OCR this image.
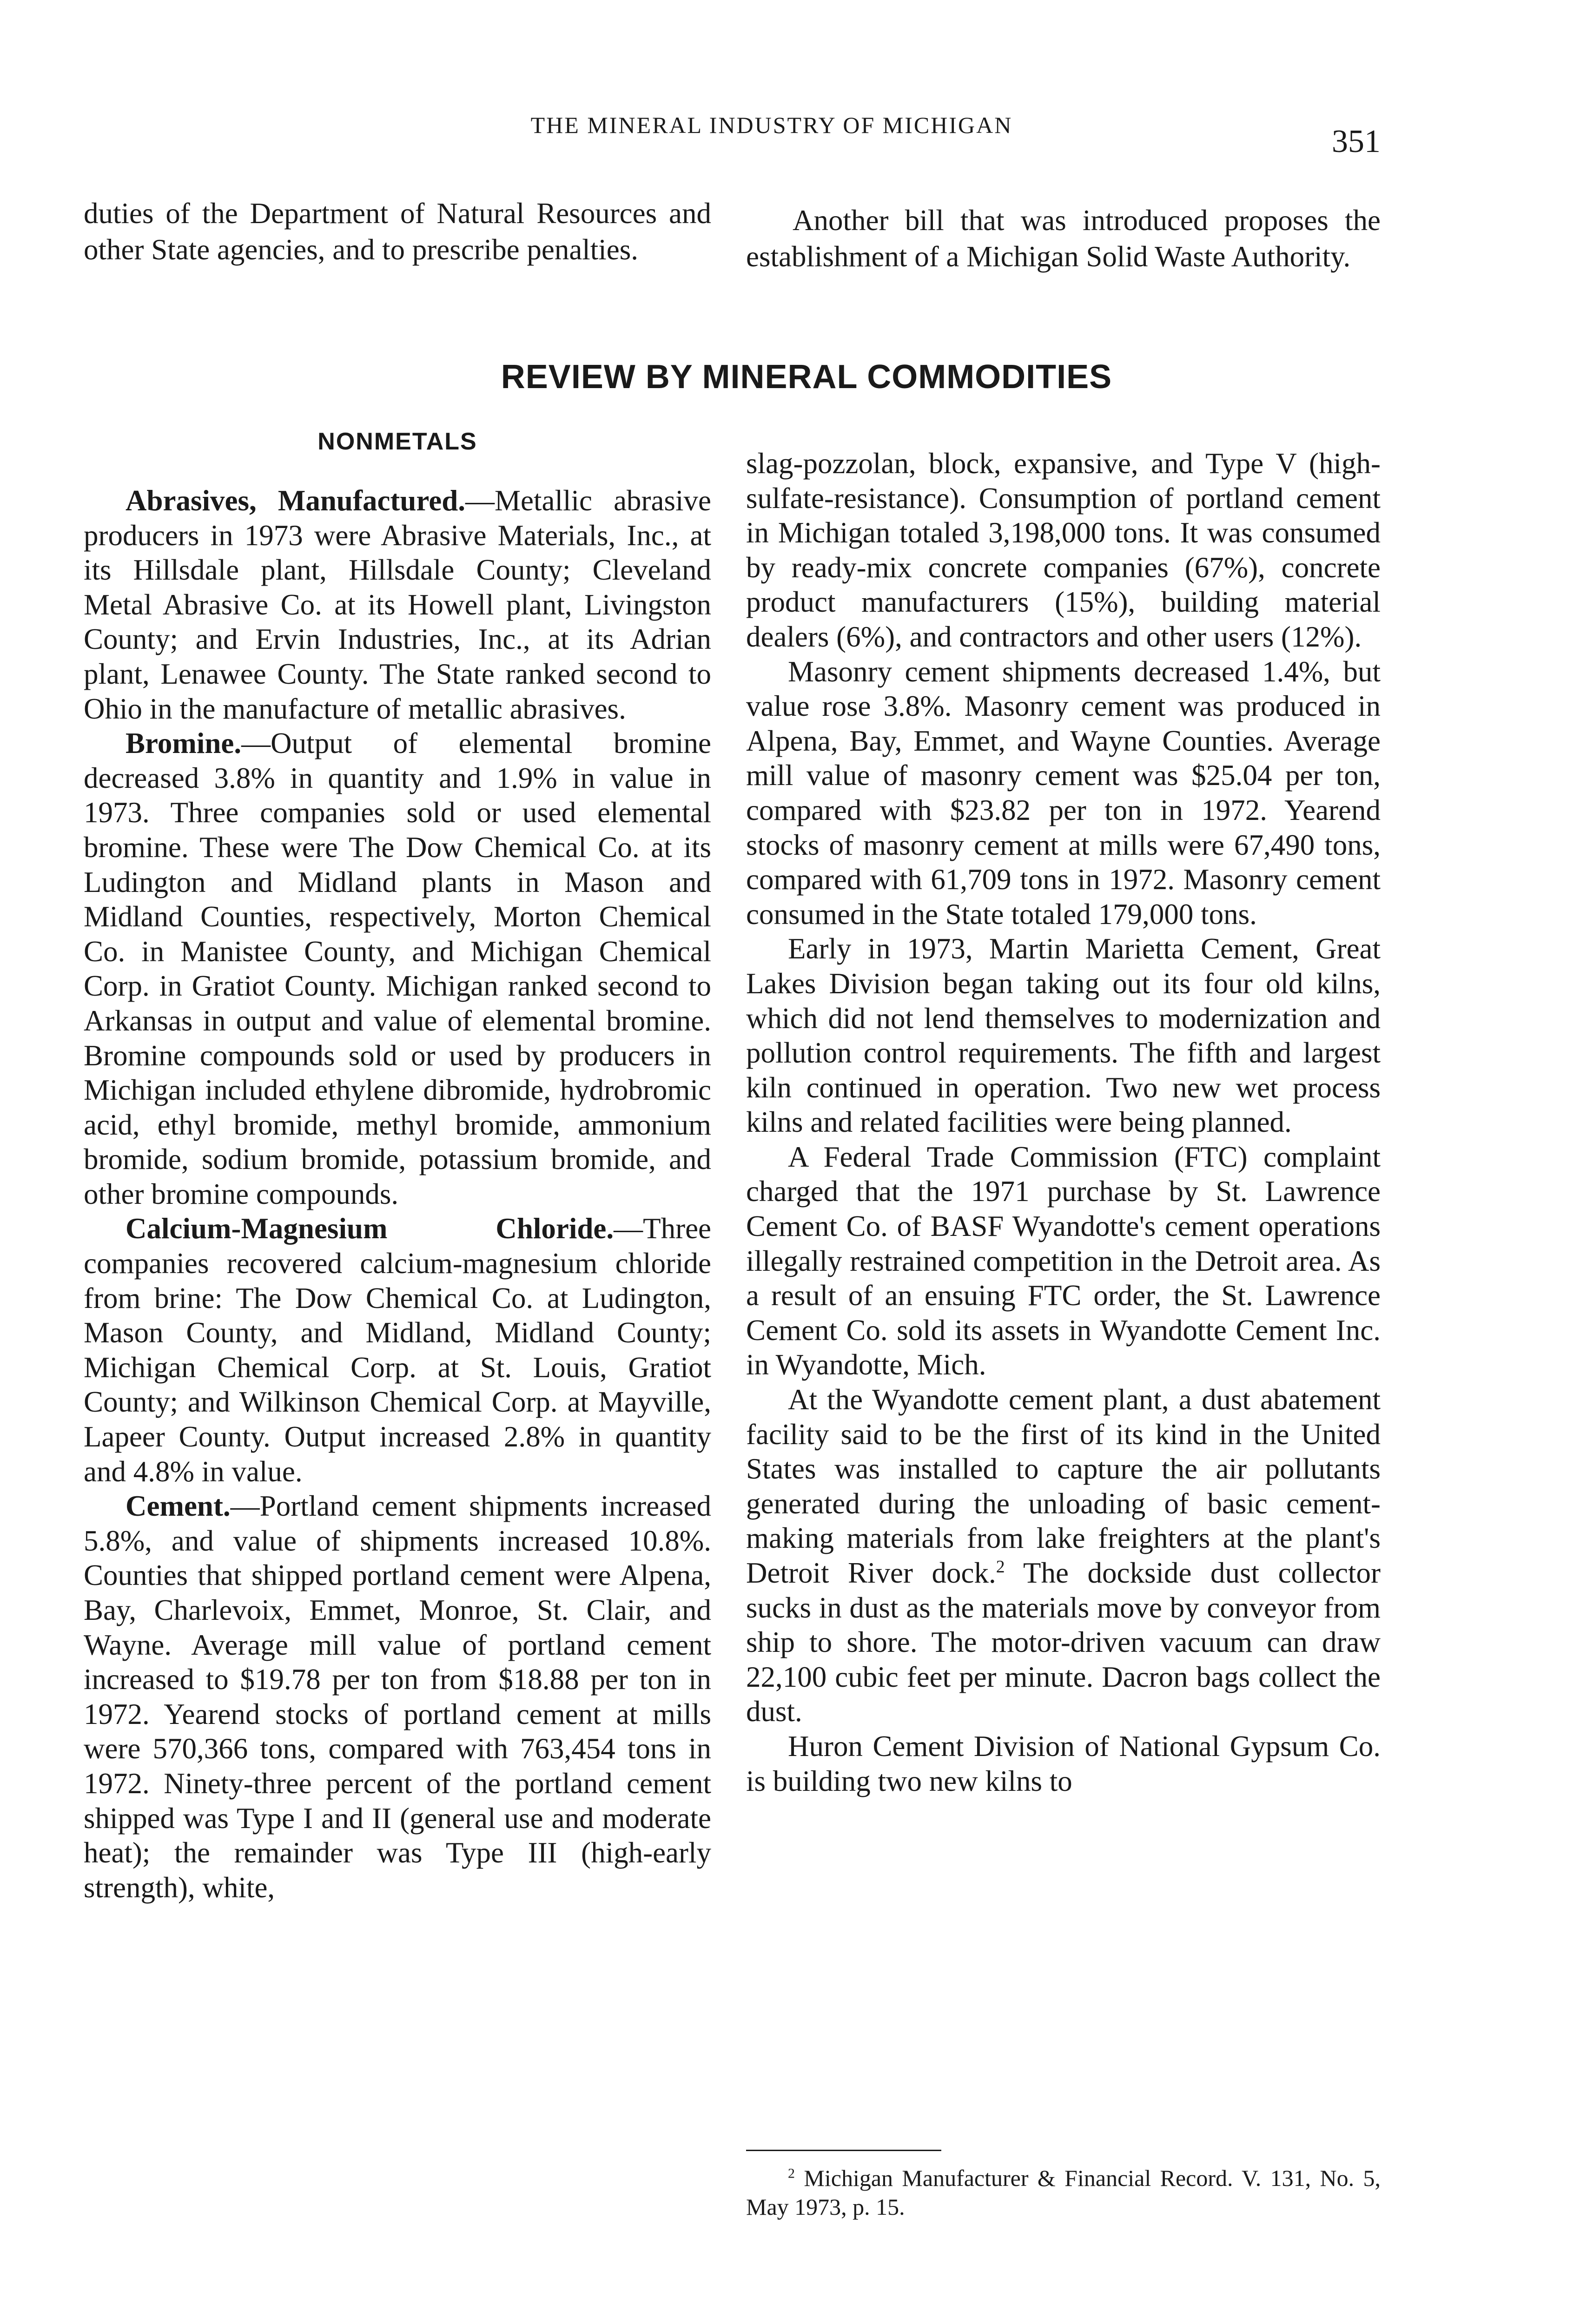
THE MINERAL INDUSTRY OF MICHIGAN	351

duties of the Department of Natural Resources and other State agencies, and to prescribe penalties.

Another bill that was introduced proposes the establishment of a Michigan Solid Waste Authority.

REVIEW BY MINERAL COMMODITIES
NONMETALS

Abrasives, Manufactured.—Metallic abrasive producers in 1973 were Abrasive Materials, Inc., at its Hillsdale plant, Hillsdale County; Cleveland Metal Abrasive Co. at its Howell plant, Livingston County; and Ervin Industries, Inc., at its Adrian plant, Lenawee County. The State ranked second to Ohio in the manufacture of metallic abrasives.

Bromine.—Output of elemental bromine decreased 3.8% in quantity and 1.9% in value in 1973. Three companies sold or used elemental bromine. These were The Dow Chemical Co. at its Ludington and Midland plants in Mason and Midland Counties, respectively, Morton Chemical Co. in Manistee County, and Michigan Chemical Corp. in Gratiot County. Michigan ranked second to Arkansas in output and value of elemental bromine. Bromine compounds sold or used by producers in Michigan included ethylene dibromide, hydrobromic acid, ethyl bromide, methyl bromide, ammonium bromide, sodium bromide, potassium bromide, and other bromine compounds.

Calcium-Magnesium Chloride.—Three companies recovered calcium-magnesium chloride from brine: The Dow Chemical Co. at Ludington, Mason County, and Midland, Midland County; Michigan Chemical Corp. at St. Louis, Gratiot County; and Wilkinson Chemical Corp. at Mayville, Lapeer County. Output increased 2.8% in quantity and 4.8% in value.

Cement.—Portland cement shipments increased 5.8%, and value of shipments increased 10.8%. Counties that shipped portland cement were Alpena, Bay, Charlevoix, Emmet, Monroe, St. Clair, and Wayne. Average mill value of portland cement increased to $19.78 per ton from $18.88 per ton in 1972. Yearend stocks of portland cement at mills were 570,366 tons, compared with 763,454 tons in 1972. Ninety-three percent of the portland cement shipped was Type I and II (general use and moderate heat); the remainder was Type III (high-early strength), white,

slag-pozzolan, block, expansive, and Type V (high-sulfate-resistance). Consumption of portland cement in Michigan totaled 3,198,000 tons. It was consumed by ready-mix concrete companies (67%), concrete product manufacturers (15%), building material dealers (6%), and contractors and other users (12%).

Masonry cement shipments decreased 1.4%, but value rose 3.8%. Masonry cement was produced in Alpena, Bay, Emmet, and Wayne Counties. Average mill value of masonry cement was $25.04 per ton, compared with $23.82 per ton in 1972. Yearend stocks of masonry cement at mills were 67,490 tons, compared with 61,709 tons in 1972. Masonry cement consumed in the State totaled 179,000 tons.

Early in 1973, Martin Marietta Cement, Great Lakes Division began taking out its four old kilns, which did not lend themselves to modernization and pollution control requirements. The fifth and largest kiln continued in operation. Two new wet process kilns and related facilities were being planned.

A Federal Trade Commission (FTC) complaint charged that the 1971 purchase by St. Lawrence Cement Co. of BASF Wyandotte's cement operations illegally restrained competition in the Detroit area. As a result of an ensuing FTC order, the St. Lawrence Cement Co. sold its assets in Wyandotte Cement Inc. in Wyandotte, Mich.

At the Wyandotte cement plant, a dust abatement facility said to be the first of its kind in the United States was installed to capture the air pollutants generated during the unloading of basic cement-making materials from lake freighters at the plant's Detroit River dock.$^2$ The dockside dust collector sucks in dust as the materials move by conveyor from ship to shore. The motor-driven vacuum can draw 22,100 cubic feet per minute. Dacron bags collect the dust.

Huron Cement Division of National Gypsum Co. is building two new kilns to

$^2$ Michigan Manufacturer & Financial Record. V. 131, No. 5, May 1973, p. 15.
